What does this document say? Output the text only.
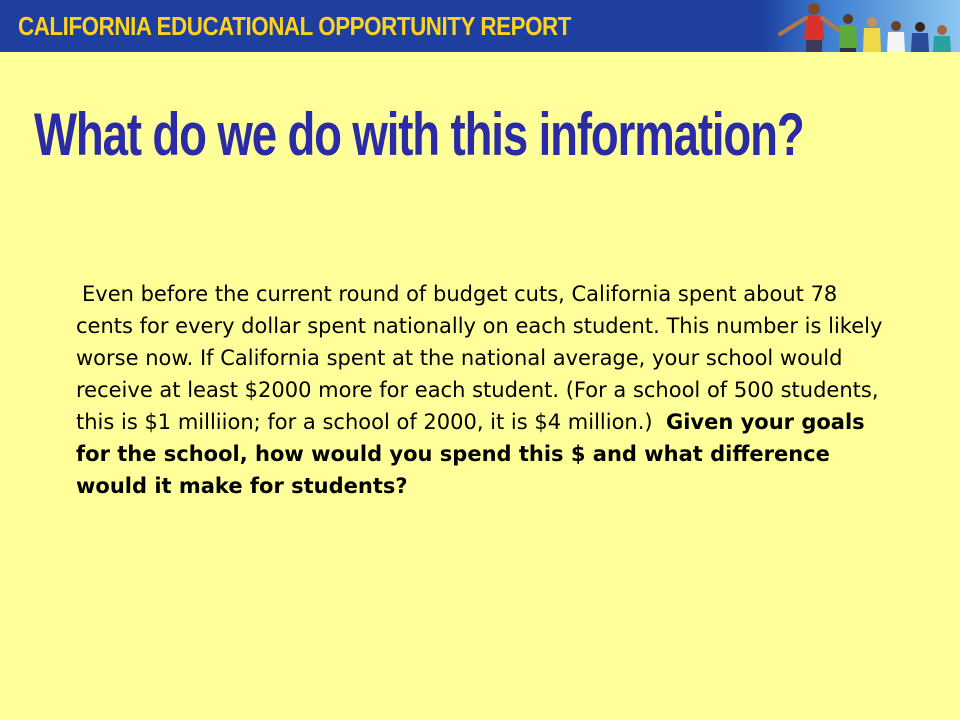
CALIFORNIA EDUCATIONAL OPPORTUNITY REPORT
What do we do with this information?

Even before the current round of budget cuts, California spent about 78 cents for every dollar spent nationally on each student. This number is likely worse now. If California spent at the national average, your school would receive at least $2000 more for each student. (For a school of 500 students, this is $1 milliion; for a school of 2000, it is $4 million.) Given your goals for the school, how would you spend this $ and what difference would it make for students?
